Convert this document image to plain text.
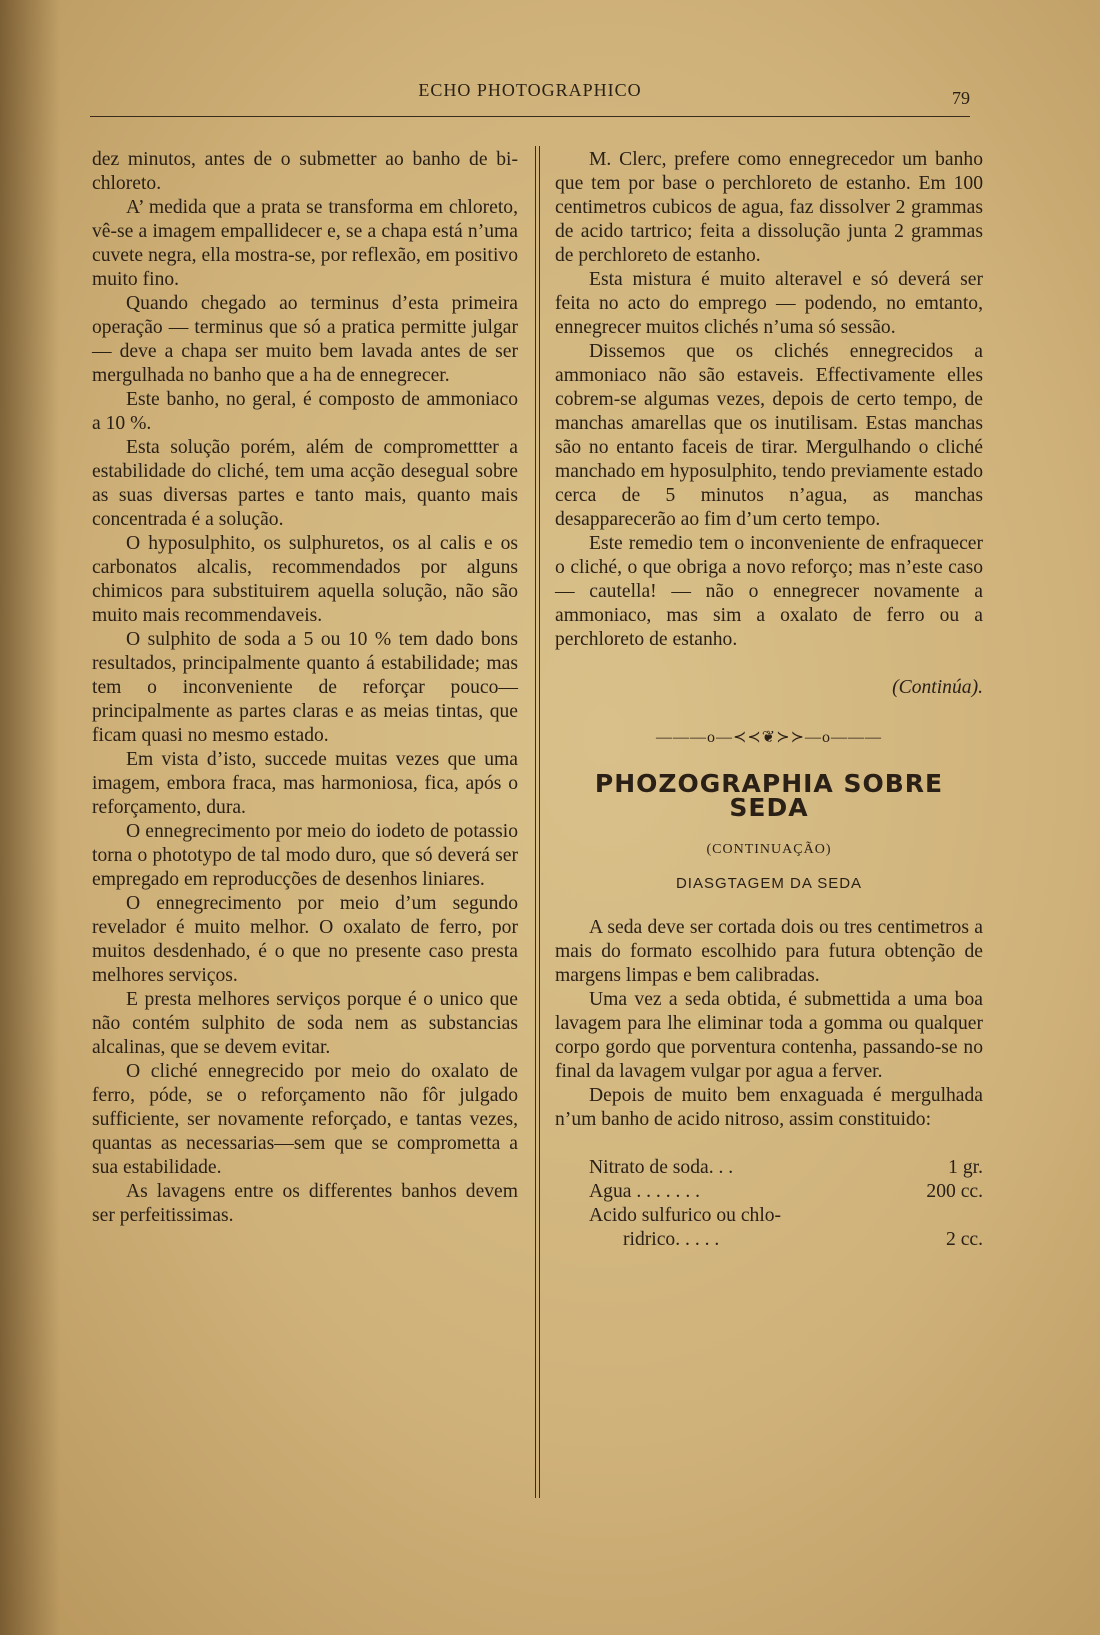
ECHO PHOTOGRAPHICO	79

dez minutos, antes de o submetter ao banho de bi-chloreto.

A’ medida que a prata se transforma em chloreto, vê-se a imagem empallidecer e, se a chapa está n’uma cuvete negra, ella mostra-se, por reflexão, em positivo muito fino.

Quando chegado ao terminus d’esta primeira operação — terminus que só a pratica permitte julgar — deve a chapa ser muito bem lavada antes de ser mergulhada no banho que a ha de ennegrecer.

Este banho, no geral, é composto de ammoniaco a 10 %.

Esta solução porém, além de compromettter a estabilidade do cliché, tem uma acção desegual sobre as suas diversas partes e tanto mais, quanto mais concentrada é a solução.

O hyposulphito, os sulphuretos, os al calis e os carbonatos alcalis, recommendados por alguns chimicos para substituirem aquella solução, não são muito mais recommendaveis.

O sulphito de soda a 5 ou 10 % tem dado bons resultados, principalmente quanto á estabilidade; mas tem o inconveniente de reforçar pouco—principalmente as partes claras e as meias tintas, que ficam quasi no mesmo estado.

Em vista d’isto, succede muitas vezes que uma imagem, embora fraca, mas harmoniosa, fica, após o reforçamento, dura.

O ennegrecimento por meio do iodeto de potassio torna o phototypo de tal modo duro, que só deverá ser empregado em reproducções de desenhos liniares.

O ennegrecimento por meio d’um segundo revelador é muito melhor. O oxalato de ferro, por muitos desdenhado, é o que no presente caso presta melhores serviços.

E presta melhores serviços porque é o unico que não contém sulphito de soda nem as substancias alcalinas, que se devem evitar.

O cliché ennegrecido por meio do oxalato de ferro, póde, se o reforçamento não fôr julgado sufficiente, ser novamente reforçado, e tantas vezes, quantas as necessarias—sem que se comprometta a sua estabilidade.

As lavagens entre os differentes banhos devem ser perfeitissimas.

M. Clerc, prefere como ennegrecedor um banho que tem por base o perchloreto de estanho. Em 100 centimetros cubicos de agua, faz dissolver 2 grammas de acido tartrico; feita a dissolução junta 2 grammas de perchloreto de estanho.

Esta mistura é muito alteravel e só deverá ser feita no acto do emprego — podendo, no emtanto, ennegrecer muitos clichés n’uma só sessão.

Dissemos que os clichés ennegrecidos a ammoniaco não são estaveis. Effectivamente elles cobrem-se algumas vezes, depois de certo tempo, de manchas amarellas que os inutilisam. Estas manchas são no entanto faceis de tirar. Mergulhando o cliché manchado em hyposulphito, tendo previamente estado cerca de 5 minutos n’agua, as manchas desapparecerão ao fim d’um certo tempo.

Este remedio tem o inconveniente de enfraquecer o cliché, o que obriga a novo reforço; mas n’este caso — cautella! — não o ennegrecer novamente a ammoniaco, mas sim a oxalato de ferro ou a perchloreto de estanho.

(Continúa).
———o—≺≺❦≻≻—o———
PHOZOGRAPHIA SOBRE SEDA
(CONTINUAÇÃO)
DIASGTAGEM DA SEDA

A seda deve ser cortada dois ou tres centimetros a mais do formato escolhido para futura obtenção de margens limpas e bem calibradas.

Uma vez a seda obtida, é submettida a uma boa lavagem para lhe eliminar toda a gomma ou qualquer corpo gordo que porventura contenha, passando-se no final da lavagem vulgar por agua a ferver.

Depois de muito bem enxaguada é mergulhada n’um banho de acido nitroso, assim constituido:

Nitrato de soda. . .	1 gr.
Agua . . . . . . .	200 cc.
Acido sulfurico ou chlo-
ridrico. . . . .	2 cc.
